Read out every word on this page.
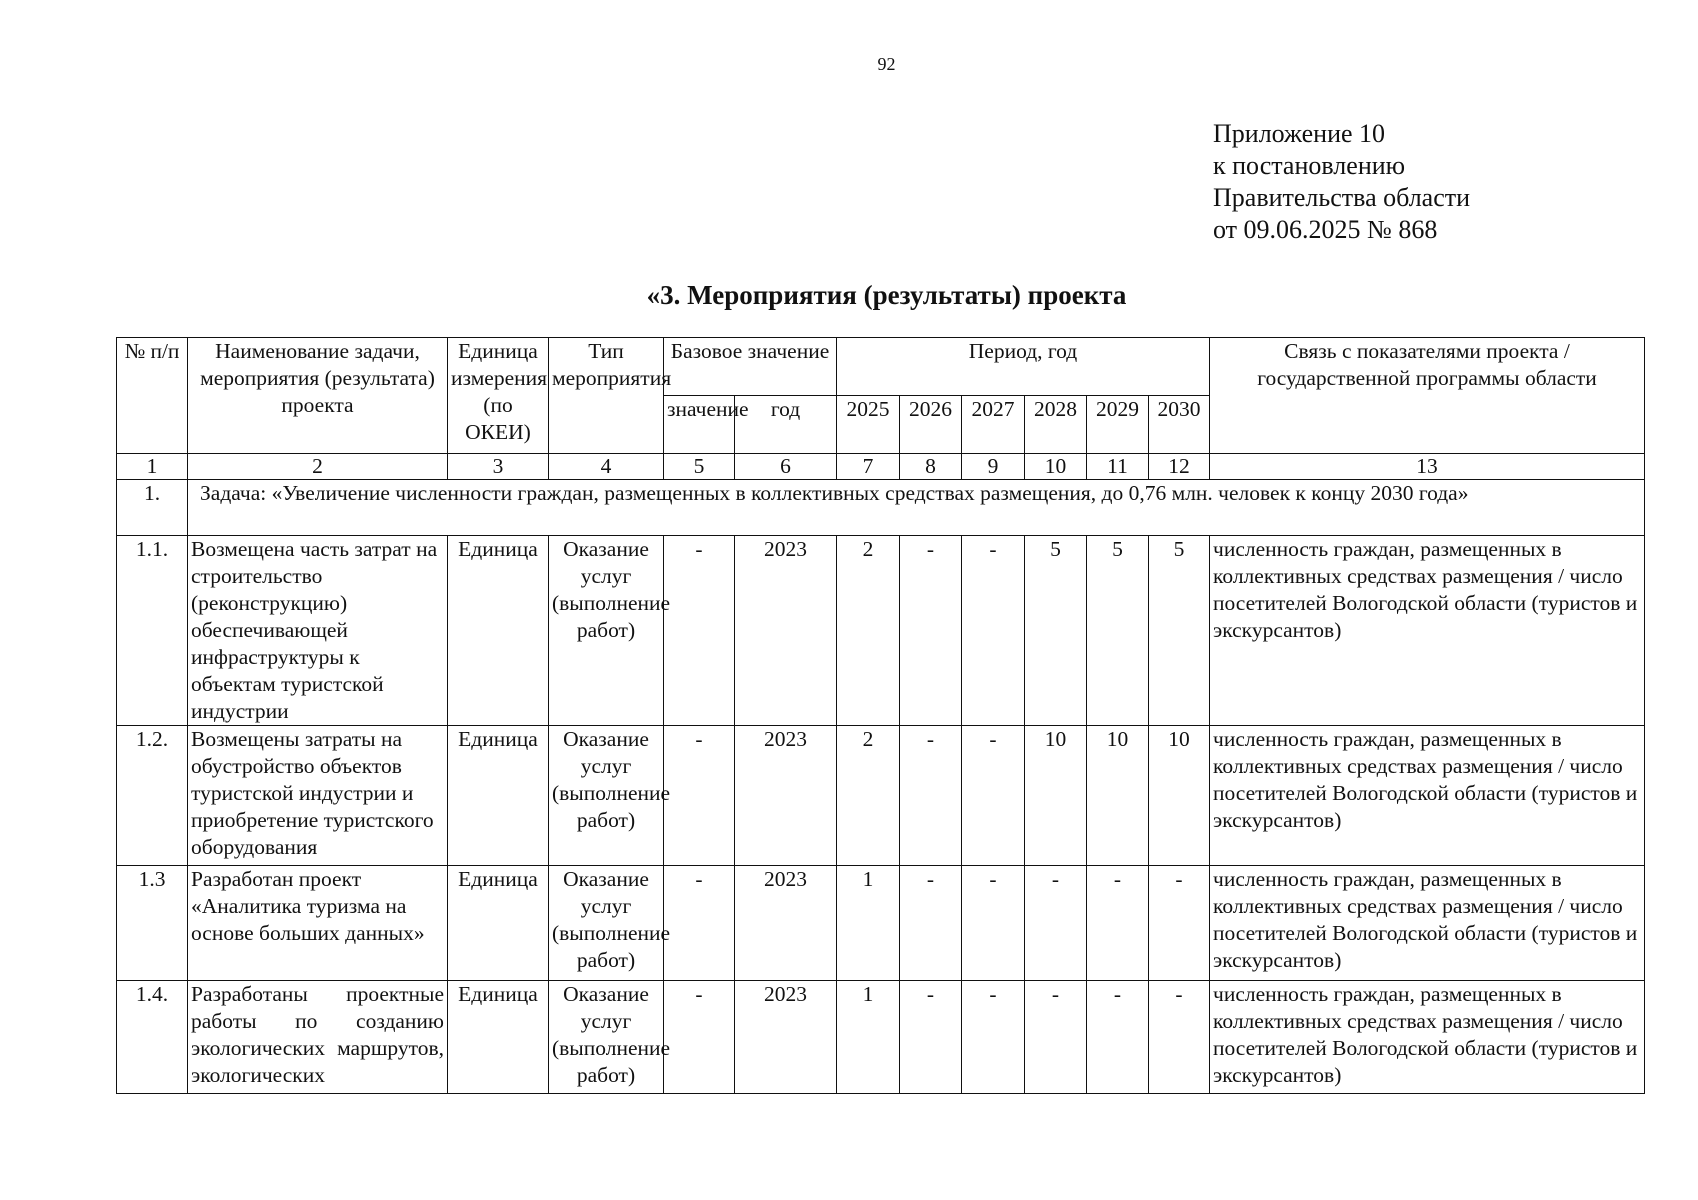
92
Приложение 10
к постановлению
Правительства области
от 09.06.2025 № 868
«3. Мероприятия (результаты) проекта
№ п/п	Наименование задачи, мероприятия (результата) проекта	Единица измерения (по ОКЕИ)	Тип мероприятия	Базовое значение		Период, год						Связь с показателями проекта / государственной программы области
				значение	год	2025	2026	2027	2028	2029	2030	
1	2	3	4	5	6	7	8	9	10	11	12	13
1.	Задача: «Увеличение численности граждан, размещенных в коллективных средствах размещения, до 0,76 млн. человек к концу 2030 года»											
1.1.	Возмещена часть затрат на строительство (реконструкцию) обеспечивающей инфраструктуры к объектам туристской индустрии	Единица	Оказание услуг (выполнение работ)	-	2023	2	-	-	5	5	5	численность граждан, размещенных в коллективных средствах размещения / число посетителей Вологодской области (туристов и экскурсантов)
1.2.	Возмещены затраты на обустройство объектов туристской индустрии и приобретение туристского оборудования	Единица	Оказание услуг (выполнение работ)	-	2023	2	-	-	10	10	10	численность граждан, размещенных в коллективных средствах размещения / число посетителей Вологодской области (туристов и экскурсантов)
1.3	Разработан проект «Аналитика туризма на основе больших данных»	Единица	Оказание услуг (выполнение работ)	-	2023	1	-	-	-	-	-	численность граждан, размещенных в коллективных средствах размещения / число посетителей Вологодской области (туристов и экскурсантов)
1.4.	Разработаны проектные работы по созданию экологических маршрутов, экологических	Единица	Оказание услуг (выполнение работ)	-	2023	1	-	-	-	-	-	численность граждан, размещенных в коллективных средствах размещения / число посетителей Вологодской области (туристов и экскурсантов)
